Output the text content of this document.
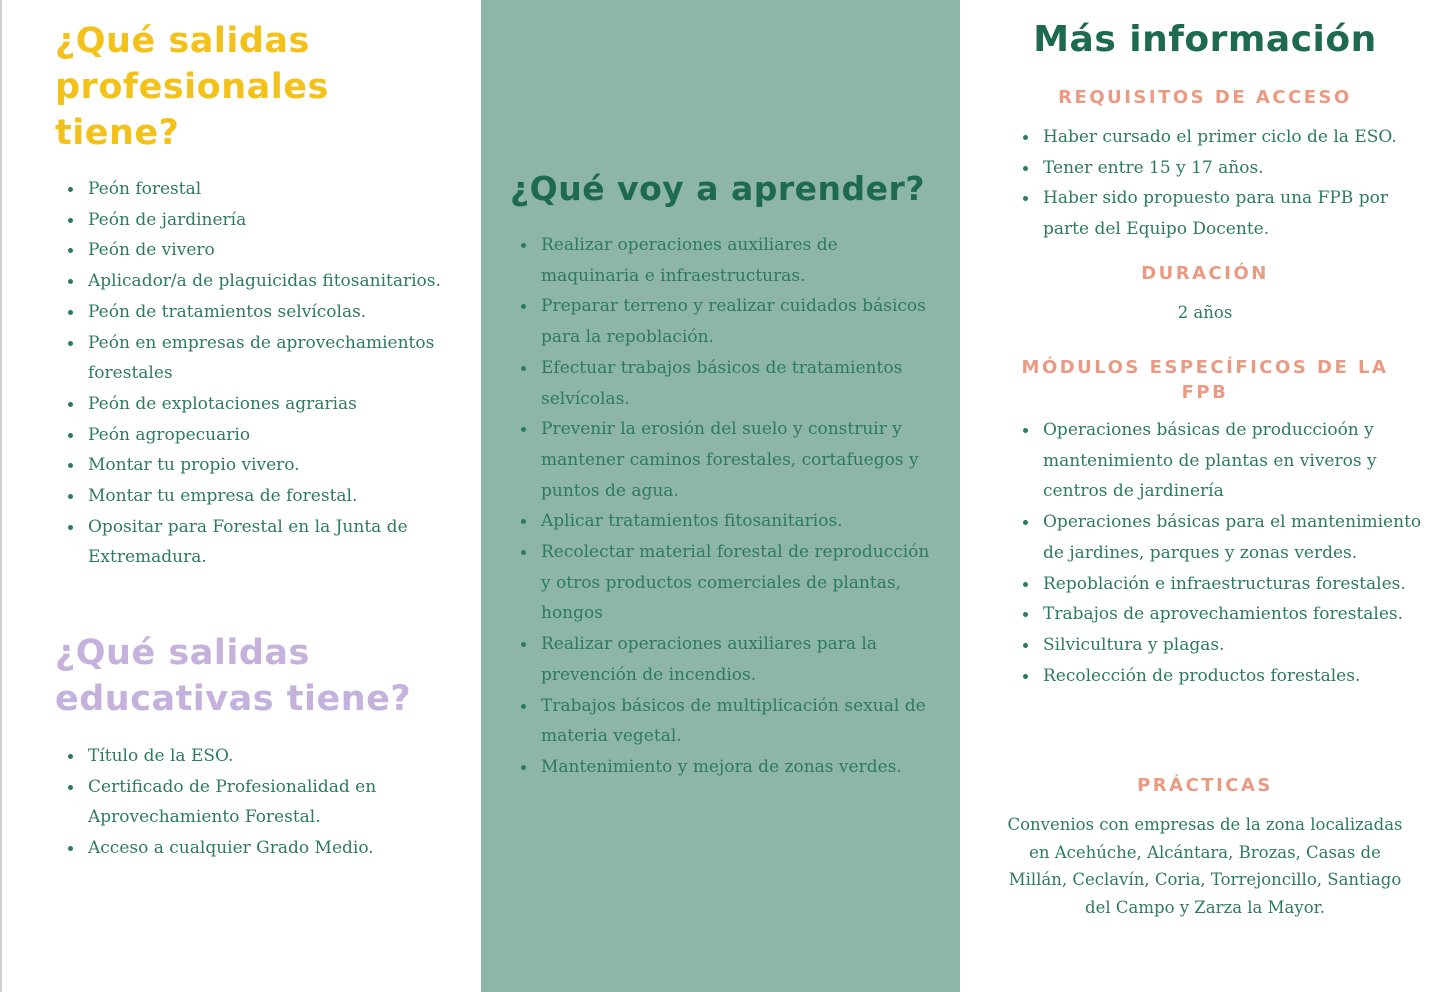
¿Qué salidas profesionales tiene?
Peón forestal
Peón de jardinería
Peón de vivero
Aplicador/a de plaguicidas fitosanitarios.
Peón de tratamientos selvícolas.
Peón en empresas de aprovechamientos forestales
Peón de explotaciones agrarias
Peón agropecuario
Montar tu propio vivero.
Montar tu empresa de forestal.
Opositar para Forestal en la Junta de Extremadura.
¿Qué salidas educativas tiene?
Título de la ESO.
Certificado de Profesionalidad en Aprovechamiento Forestal.
Acceso a cualquier Grado Medio.
¿Qué voy a aprender?
Realizar operaciones auxiliares de maquinaria e infraestructuras.
Preparar terreno y realizar cuidados básicos para la repoblación.
Efectuar trabajos básicos de tratamientos selvícolas.
Prevenir la erosión del suelo y construir y mantener caminos forestales, cortafuegos y puntos de agua.
Aplicar tratamientos fitosanitarios.
Recolectar material forestal de reproducción y otros productos comerciales de plantas, hongos
Realizar operaciones auxiliares para la prevención de incendios.
Trabajos básicos de multiplicación sexual de materia vegetal.
Mantenimiento y mejora de zonas verdes.
Más información
REQUISITOS DE ACCESO
Haber cursado el primer ciclo de la ESO.
Tener entre 15 y 17 años.
Haber sido propuesto para una FPB por parte del Equipo Docente.
DURACIÓN

2 años

MÓDULOS ESPECÍFICOS DE LA FPB
Operaciones básicas de produccioón y mantenimiento de plantas en viveros y centros de jardinería
Operaciones básicas para el mantenimiento de jardines, parques y zonas verdes.
Repoblación e infraestructuras forestales.
Trabajos de aprovechamientos forestales.
Silvicultura y plagas.
Recolección de productos forestales.
PRÁCTICAS

Convenios con empresas de la zona localizadas en Acehúche, Alcántara, Brozas, Casas de Millán, Ceclavín, Coria, Torrejoncillo, Santiago del Campo y Zarza la Mayor.
